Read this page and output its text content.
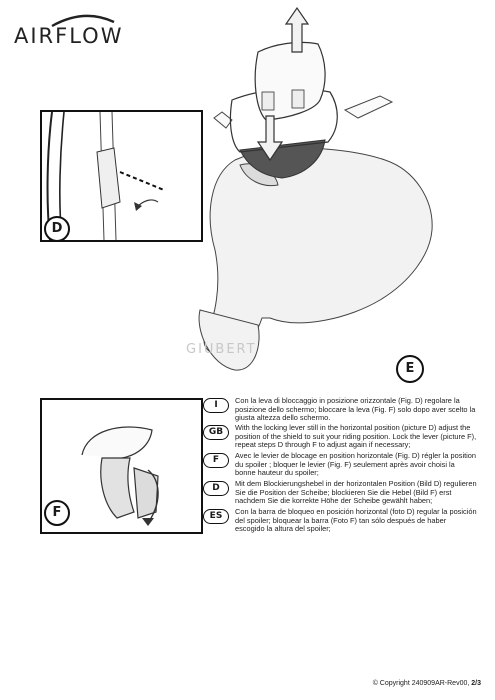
AIRFLOW
D
F
E
GIUBERT
I	Con la leva di bloccaggio in posizione orizzontale (Fig. D) regolare la posizione dello schermo; bloccare la leva (Fig. F) solo dopo aver scelto la giusta altezza dello schermo.
GB	With the locking lever still in the horizontal position (picture D) adjust the position of the shield to suit your riding position. Lock the lever (picture F), repeat steps D through F to adjust again if necessary;
F	Avec le levier de blocage en position horizontale (Fig. D) régler la position du spoiler ; bloquer le levier (Fig. F) seulement après avoir choisi la bonne hauteur du spoiler;
D	Mit dem Blockierungshebel in der horizontalen Position (Bild D) regulieren Sie die Position der Scheibe; blockieren Sie die Hebel (Bild F) erst nachdem Sie die korrekte Höhe der Scheibe gewählt haben;
ES	Con la barra de bloqueo en posición horizontal (foto D) regular la posición del spoiler; bloquear la barra (Foto F) tan sólo después de haber escogido la altura del spoiler;
© Copyright 240909AR-Rev00, 2/3
